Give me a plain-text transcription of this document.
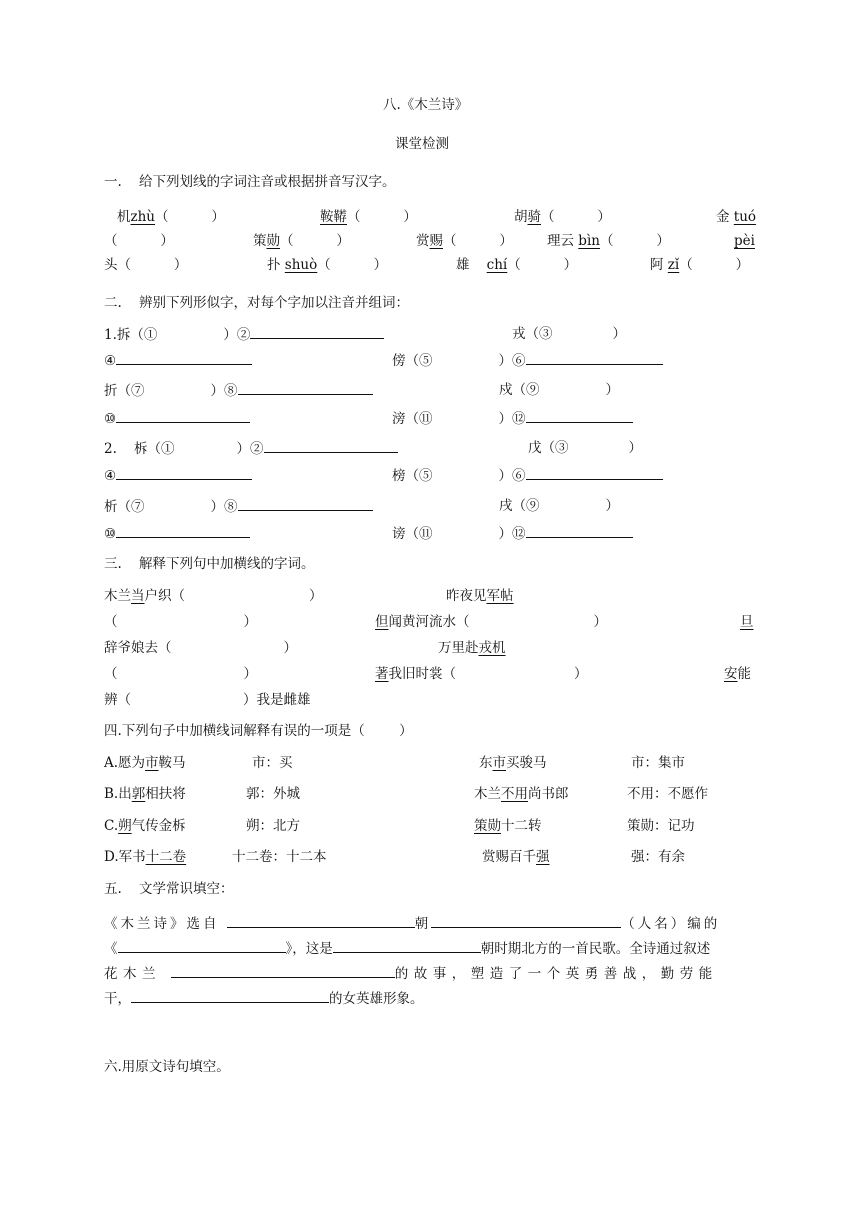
八.《木兰诗》
课堂检测
一.    给下列划线的字词注音或根据拼音写汉字。
机zhù（          ）	鞍鞯（          ）	胡骑（          ）	金 tuó
（          ）	策勋（          ）	赏赐（          ）	理云 bìn（          ）	pèi
头（          ）	扑 shuò（          ）	雄 chí（          ）	阿 zǐ（          ）
二.    辨别下列形似字，对每个字加以注音并组词：
1.拆（①	）②	戎（③	）
④	傍（⑤	）⑥
折（⑦	）⑧	戍（⑨	）
⑩	滂（⑪	）⑫
2.    柝（①	）②	戊（③	）
④	榜（⑤	）⑥
析（⑦	）⑧	戌（⑨	）
⑩	谤（⑪	）⑫
三.    解释下列句中加横线的字词。
木兰当户织（	）	昨夜见军帖
（	）	但闻黄河流水（	）	旦
辞爷娘去（	）	万里赴戎机
（	）	著我旧时裳（	）	安能
辨（	）我是雌雄
四.下列句子中加横线词解释有误的一项是（        ）
A.愿为市鞍马	市：买	东市买骏马	市：集市
B.出郭相扶将	郭：外城	木兰不用尚书郎	不用：不愿作
C.朔气传金柝	朔：北方	策勋十二转	策勋：记功
D.军书十二卷	十二卷：十二本	赏赐百千强	强：有余
五.    文学常识填空：
《木兰诗》选自	朝	（人名）编的
《	》，这是	朝时期北方的一首民歌。全诗通过叙述
花木兰	的故事，塑造了一个英勇善战，勤劳能
干，	的女英雄形象。
六.用原文诗句填空。
